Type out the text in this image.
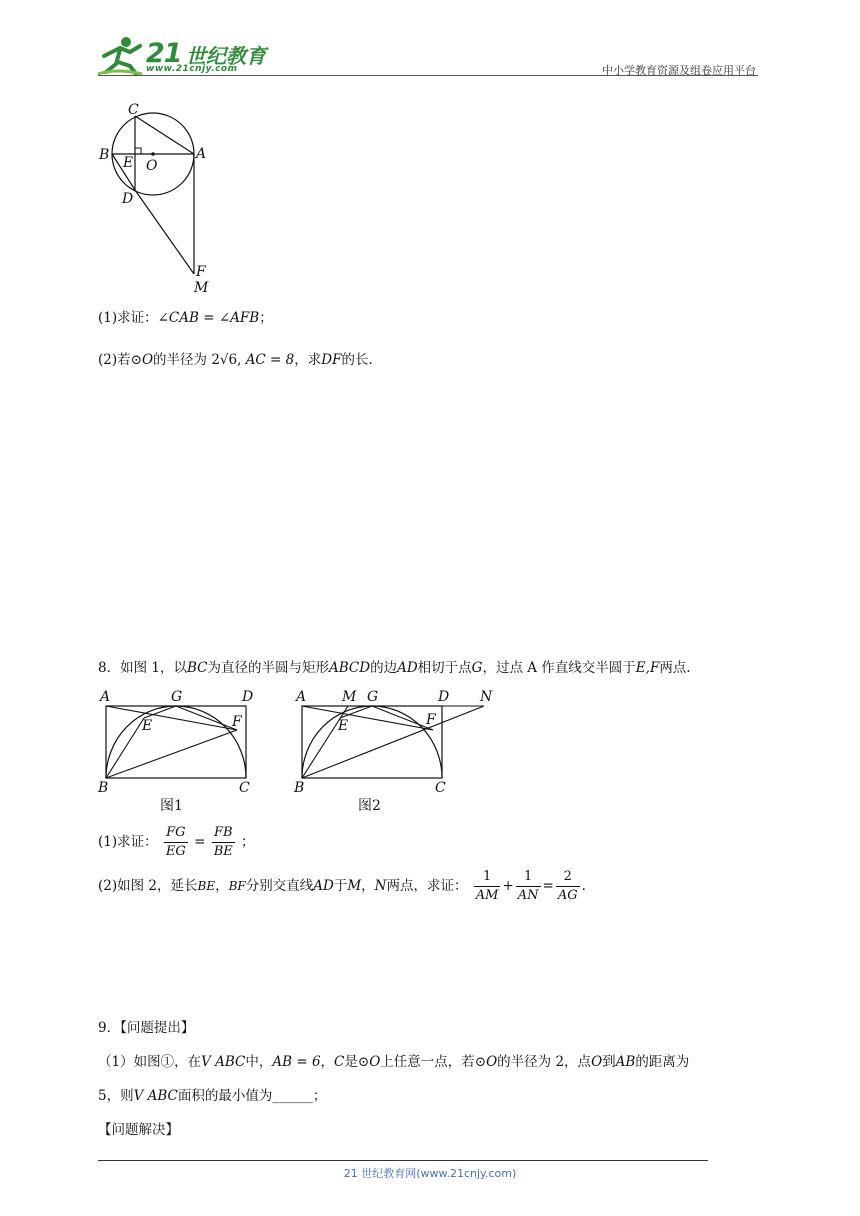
21 世纪教育
www.21cnjy.com	中小学教育资源及组卷应用平台
C
B E O
A
D
F
M
(1)求证：∠CAB = ∠AFB；
(2)若⊙O的半径为 2√6, AC = 8，求DF的长.
8．如图 1，以BC为直径的半圆与矩形ABCD的边AD相切于点G，过点 A 作直线交半圆于E,F两点.
A	G	D
E	F
B	C
图1
A	M G	D N
E	F
B	C
图2
(1)求证： $\frac{FG}{EG} = \frac{FB}{BE}$ ；
(2)如图 2，延长BE，BF分别交直线AD于M，N两点，求证： $\frac{1}{AM} + \frac{1}{AN} = \frac{2}{AG}$ .
9．【问题提出】
（1）如图①，在V ABC中，AB = 6，C是⊙O上任意一点，若⊙O的半径为 2，点O到AB的距离为
5，则V ABC面积的最小值为______；
【问题解决】
21 世纪教育网(www.21cnjy.com)
